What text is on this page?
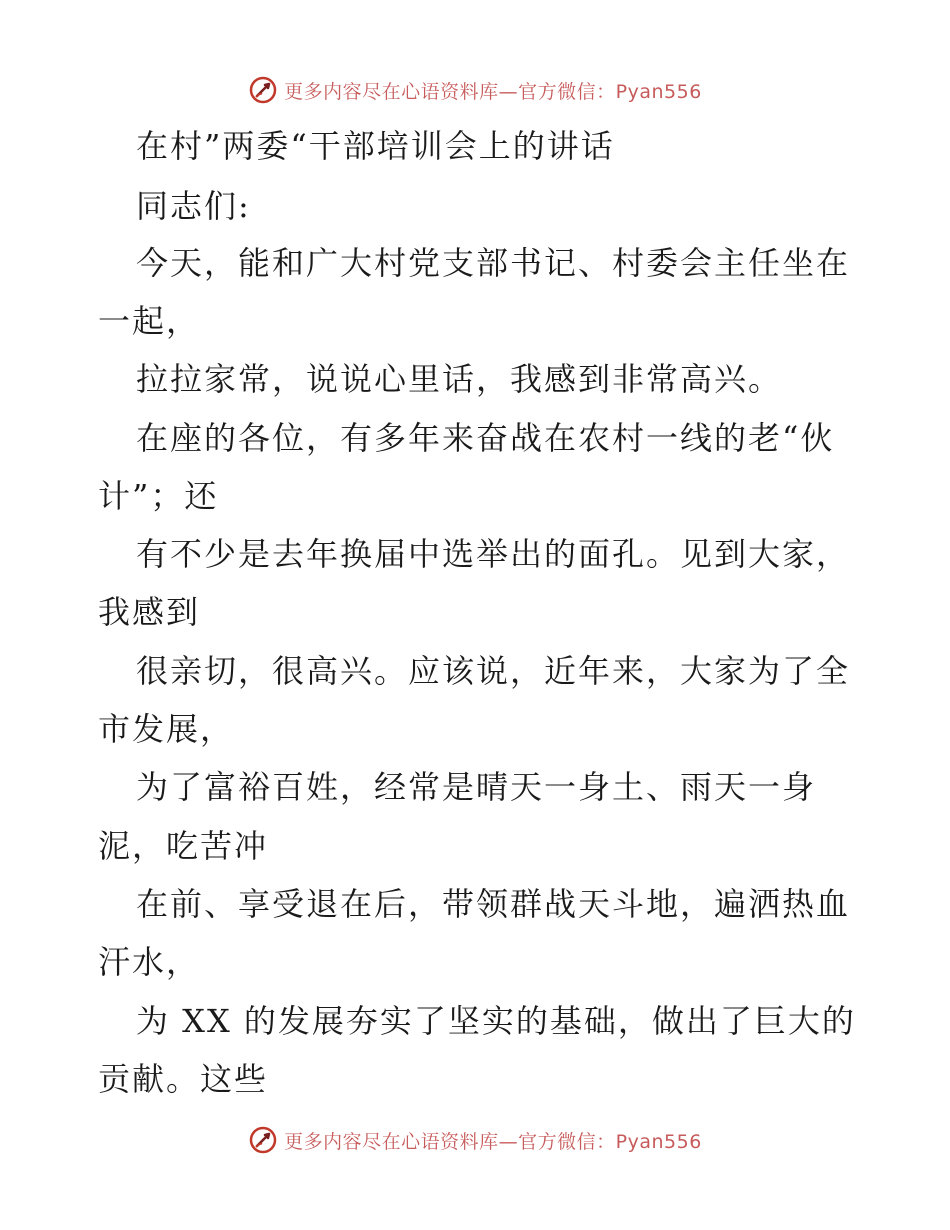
更多内容尽在心语资料库—官方微信：Pyan556
在村”两委“干部培训会上的讲话
同志们:
今天，能和广大村党支部书记、村委会主任坐在
一起，
拉拉家常，说说心里话，我感到非常高兴。
在座的各位，有多年来奋战在农村一线的老“伙
计”；还
有不少是去年换届中选举出的面孔。见到大家，
我感到
很亲切，很高兴。应该说，近年来，大家为了全
市发展，
为了富裕百姓，经常是晴天一身土、雨天一身
泥，吃苦冲
在前、享受退在后，带领群战天斗地，遍洒热血
汗水，
为 XX 的发展夯实了坚实的基础，做出了巨大的
贡献。这些
更多内容尽在心语资料库—官方微信：Pyan556
